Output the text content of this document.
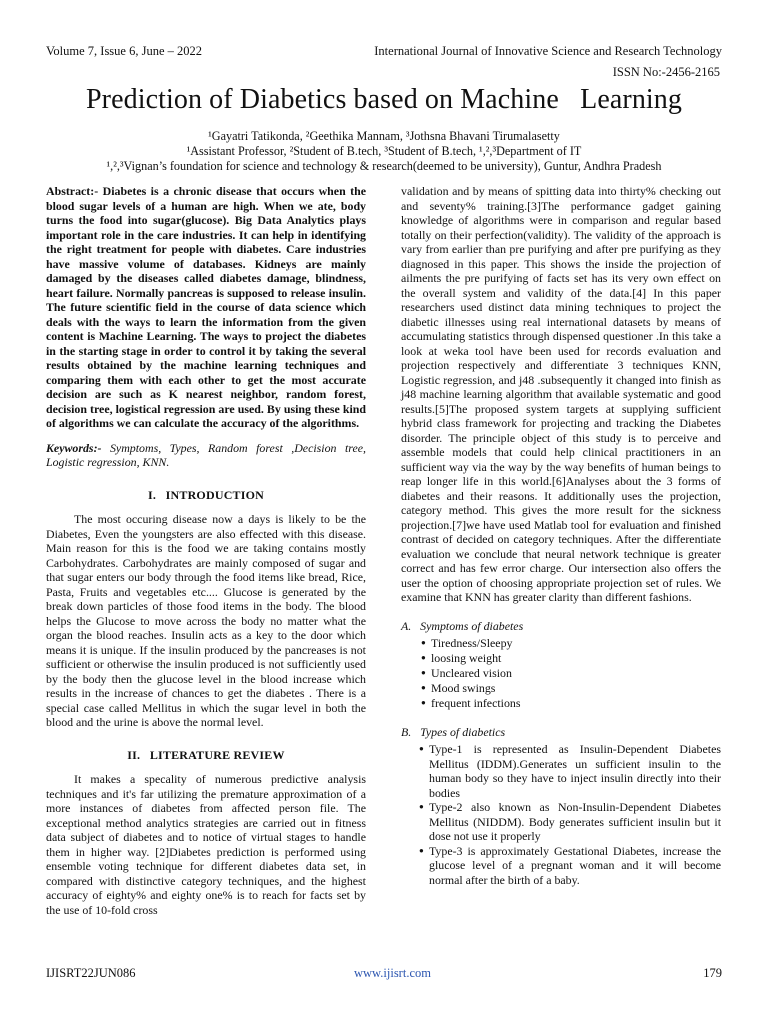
Volume 7, Issue 6, June – 2022	International Journal of Innovative Science and Research Technology
ISSN No:-2456-2165
Prediction of Diabetics based on Machine   Learning
¹Gayatri Tatikonda, ²Geethika Mannam, ³Jothsna Bhavani Tirumalasetty
¹Assistant Professor, ²Student of B.tech, ³Student of B.tech, ¹,²,³Department of IT
¹,²,³Vignan’s foundation for science and technology & research(deemed to be university), Guntur, Andhra Pradesh

Abstract:- Diabetes is a chronic disease that occurs when the blood sugar levels of a human are high. When we ate, body turns the food into sugar(glucose). Big Data Analytics plays important role in the care industries. It can help in identifying the right treatment for people with diabetes. Care industries have massive volume of databases. Kidneys are mainly damaged by the diseases called diabetes damage, blindness, heart failure. Normally pancreas is supposed to release insulin. The future scientific field in the course of data science which deals with the ways to learn the information from the given content is Machine Learning. The ways to project the diabetes in the starting stage in order to control it by taking the several results obtained by the machine learning techniques and comparing them with each other to get the most accurate decision are such as K nearest neighbor, random forest, decision tree, logistical regression are used. By using these kind of algorithms we can calculate the accuracy of the algorithms.

Keywords:- Symptoms, Types, Random forest ,Decision tree, Logistic regression, KNN.

I.   INTRODUCTION

The most occuring disease now a days is likely to be the Diabetes, Even the youngsters are also effected with this disease. Main reason for this is the food we are taking contains mostly Carbohydrates. Carbohydrates are mainly composed of sugar and that sugar enters our body through the food items like bread, Rice, Pasta, Fruits and vegetables etc.... Glucose is generated by the break down particles of those food items in the body. The blood helps the Glucose to move across the body no matter what the organ the blood reaches. Insulin acts as a key to the door which means it is unique. If the insulin produced by the pancreases is not sufficient or otherwise the insulin produced is not sufficiently used by the body then the glucose level in the blood increase which results in the increase of chances to get the diabetes . There is a special case called Mellitus in which the sugar level in both the blood and the urine is above the normal level.

II.   LITERATURE REVIEW

It makes a specality of numerous predictive analysis techniques and it's far utilizing the premature approximation of a more instances of diabetes from affected person file. The exceptional method analytics strategies are carried out in fitness data subject of diabetes and to notice of virtual stages to handle them in higher way. [2]Diabetes prediction is performed using ensemble voting technique for different diabetes data set, in compared with distinctive category techniques, and the highest accuracy of eighty% and eighty one% is to reach for facts set by the use of 10-fold cross

validation and by means of spitting data into thirty% checking out and seventy% training.[3]The performance gadget gaining knowledge of algorithms were in comparison and regular based totally on their perfection(validity). The validity of the approach is vary from earlier than pre purifying and after pre purifying as they diagnosed in this paper. This shows the inside the projection of ailments the pre purifying of facts set has its very own effect on the overall system and validity of the data.[4] In this paper researchers used distinct data mining techniques to project the diabetic illnesses using real international datasets by means of accumulating statistics through dispensed questioner .In this take a look at weka tool have been used for records evaluation and projection respectively and differentiate 3 techniques KNN, Logistic regression, and j48 .subsequently it changed into finish as j48 machine learning algorithm that available systematic and good results.[5]The proposed system targets at supplying sufficient hybrid class framework for projecting and tracking the Diabetes disorder. The principle object of this study is to perceive and assemble models that could help clinical practitioners in an sufficient way via the way by the way benefits of human beings to reap longer life in this world.[6]Analyses about the 3 forms of diabetes and their reasons. It additionally uses the projection, category method. This gives the more result for the sickness projection.[7]we have used Matlab tool for evaluation and finished contrast of decided on category techniques. After the differentiate evaluation we conclude that neural network technique is greater correct and has few error charge. Our intersection also offers the user the option of choosing appropriate projection set of rules. We examine that KNN has greater clarity than different fashions.

A.   Symptoms of diabetes

● Tiredness/Sleepy
● loosing weight
● Uncleared vision
● Mood swings
● frequent infections

B.   Types of diabetics

● Type-1 is represented as Insulin-Dependent Diabetes Mellitus (IDDM).Generates un sufficient insulin to the human body so they have to inject insulin directly into their bodies
● Type-2 also known as Non-Insulin-Dependent Diabetes Mellitus (NIDDM). Body generates sufficient insulin but it dose not use it properly
● Type-3 is approximately Gestational Diabetes, increase the glucose level of a pregnant woman and it will become normal after the birth of a baby.
IJISRT22JUN086	www.ijisrt.com	179
